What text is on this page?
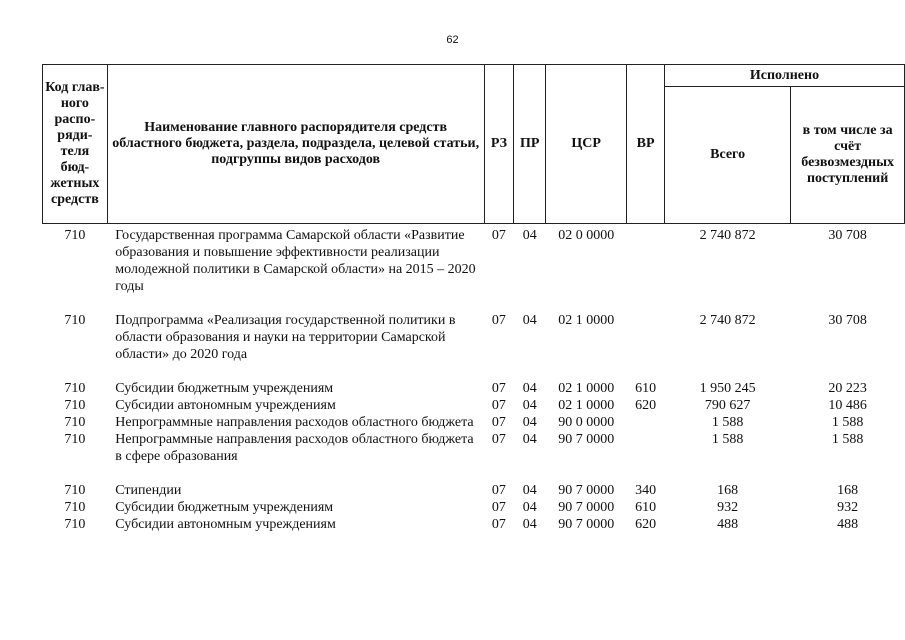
62
Код глав-ного распо-ряди-теля бюд-жетных средств	Наименование главного распорядителя средств областного бюджета, раздела, подраздела, целевой статьи, подгруппы видов расходов	РЗ	ПР	ЦСР	ВР	Исполнено	
						Всего	в том числе за счёт безвозмездных поступлений
710	Государственная программа Самарской области «Развитие образования и повышение эффективности реализации молодежной политики в Самарской области» на 2015 – 2020 годы	07	04	02 0 0000		2 740 872	30 708
710	Подпрограмма «Реализация государственной политики в области образования и науки на территории Самарской области» до 2020 года	07	04	02 1 0000		2 740 872	30 708
710	Субсидии бюджетным учреждениям	07	04	02 1 0000	610	1 950 245	20 223
710	Субсидии автономным учреждениям	07	04	02 1 0000	620	790 627	10 486
710	Непрограммные направления расходов областного бюджета	07	04	90 0 0000		1 588	1 588
710	Непрограммные направления расходов областного бюджета в сфере образования	07	04	90 7 0000		1 588	1 588
710	Стипендии	07	04	90 7 0000	340	168	168
710	Субсидии бюджетным учреждениям	07	04	90 7 0000	610	932	932
710	Субсидии автономным учреждениям	07	04	90 7 0000	620	488	488
